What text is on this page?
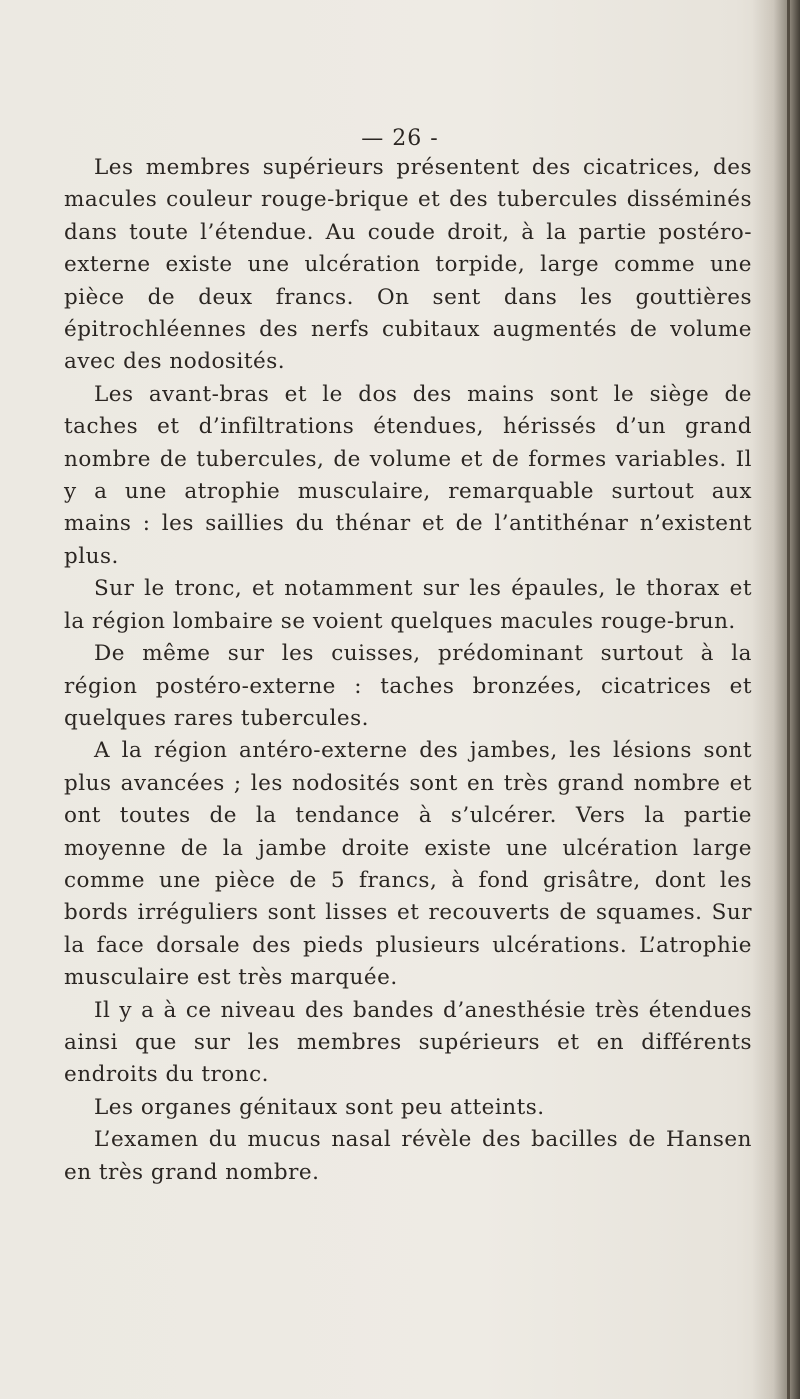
— 26 -

Les membres supérieurs présentent des cicatrices, des macules couleur rouge-brique et des tubercules disséminés dans toute l’étendue. Au coude droit, à la partie postéro-externe existe une ulcération torpide, large comme une pièce de deux francs. On sent dans les gouttières épitrochléennes des nerfs cubitaux augmentés de volume avec des nodosités.

Les avant-bras et le dos des mains sont le siège de taches et d’infiltrations étendues, hérissés d’un grand nombre de tubercules, de volume et de formes variables. Il y a une atrophie musculaire, remarquable surtout aux mains : les saillies du thénar et de l’antithénar n’existent plus.

Sur le tronc, et notamment sur les épaules, le thorax et la région lombaire se voient quelques macules rouge-brun.

De même sur les cuisses, prédominant surtout à la région postéro-externe : taches bronzées, cicatrices et quelques rares tubercules.

A la région antéro-externe des jambes, les lésions sont plus avancées ; les nodosités sont en très grand nombre et ont toutes de la tendance à s’ulcérer. Vers la partie moyenne de la jambe droite existe une ulcération large comme une pièce de 5 francs, à fond grisâtre, dont les bords irréguliers sont lisses et recouverts de squames. Sur la face dorsale des pieds plusieurs ulcérations. L’atrophie musculaire est très marquée.

Il y a à ce niveau des bandes d’anesthésie très étendues ainsi que sur les membres supérieurs et en différents endroits du tronc.

Les organes génitaux sont peu atteints.

L’examen du mucus nasal révèle des bacilles de Hansen en très grand nombre.
